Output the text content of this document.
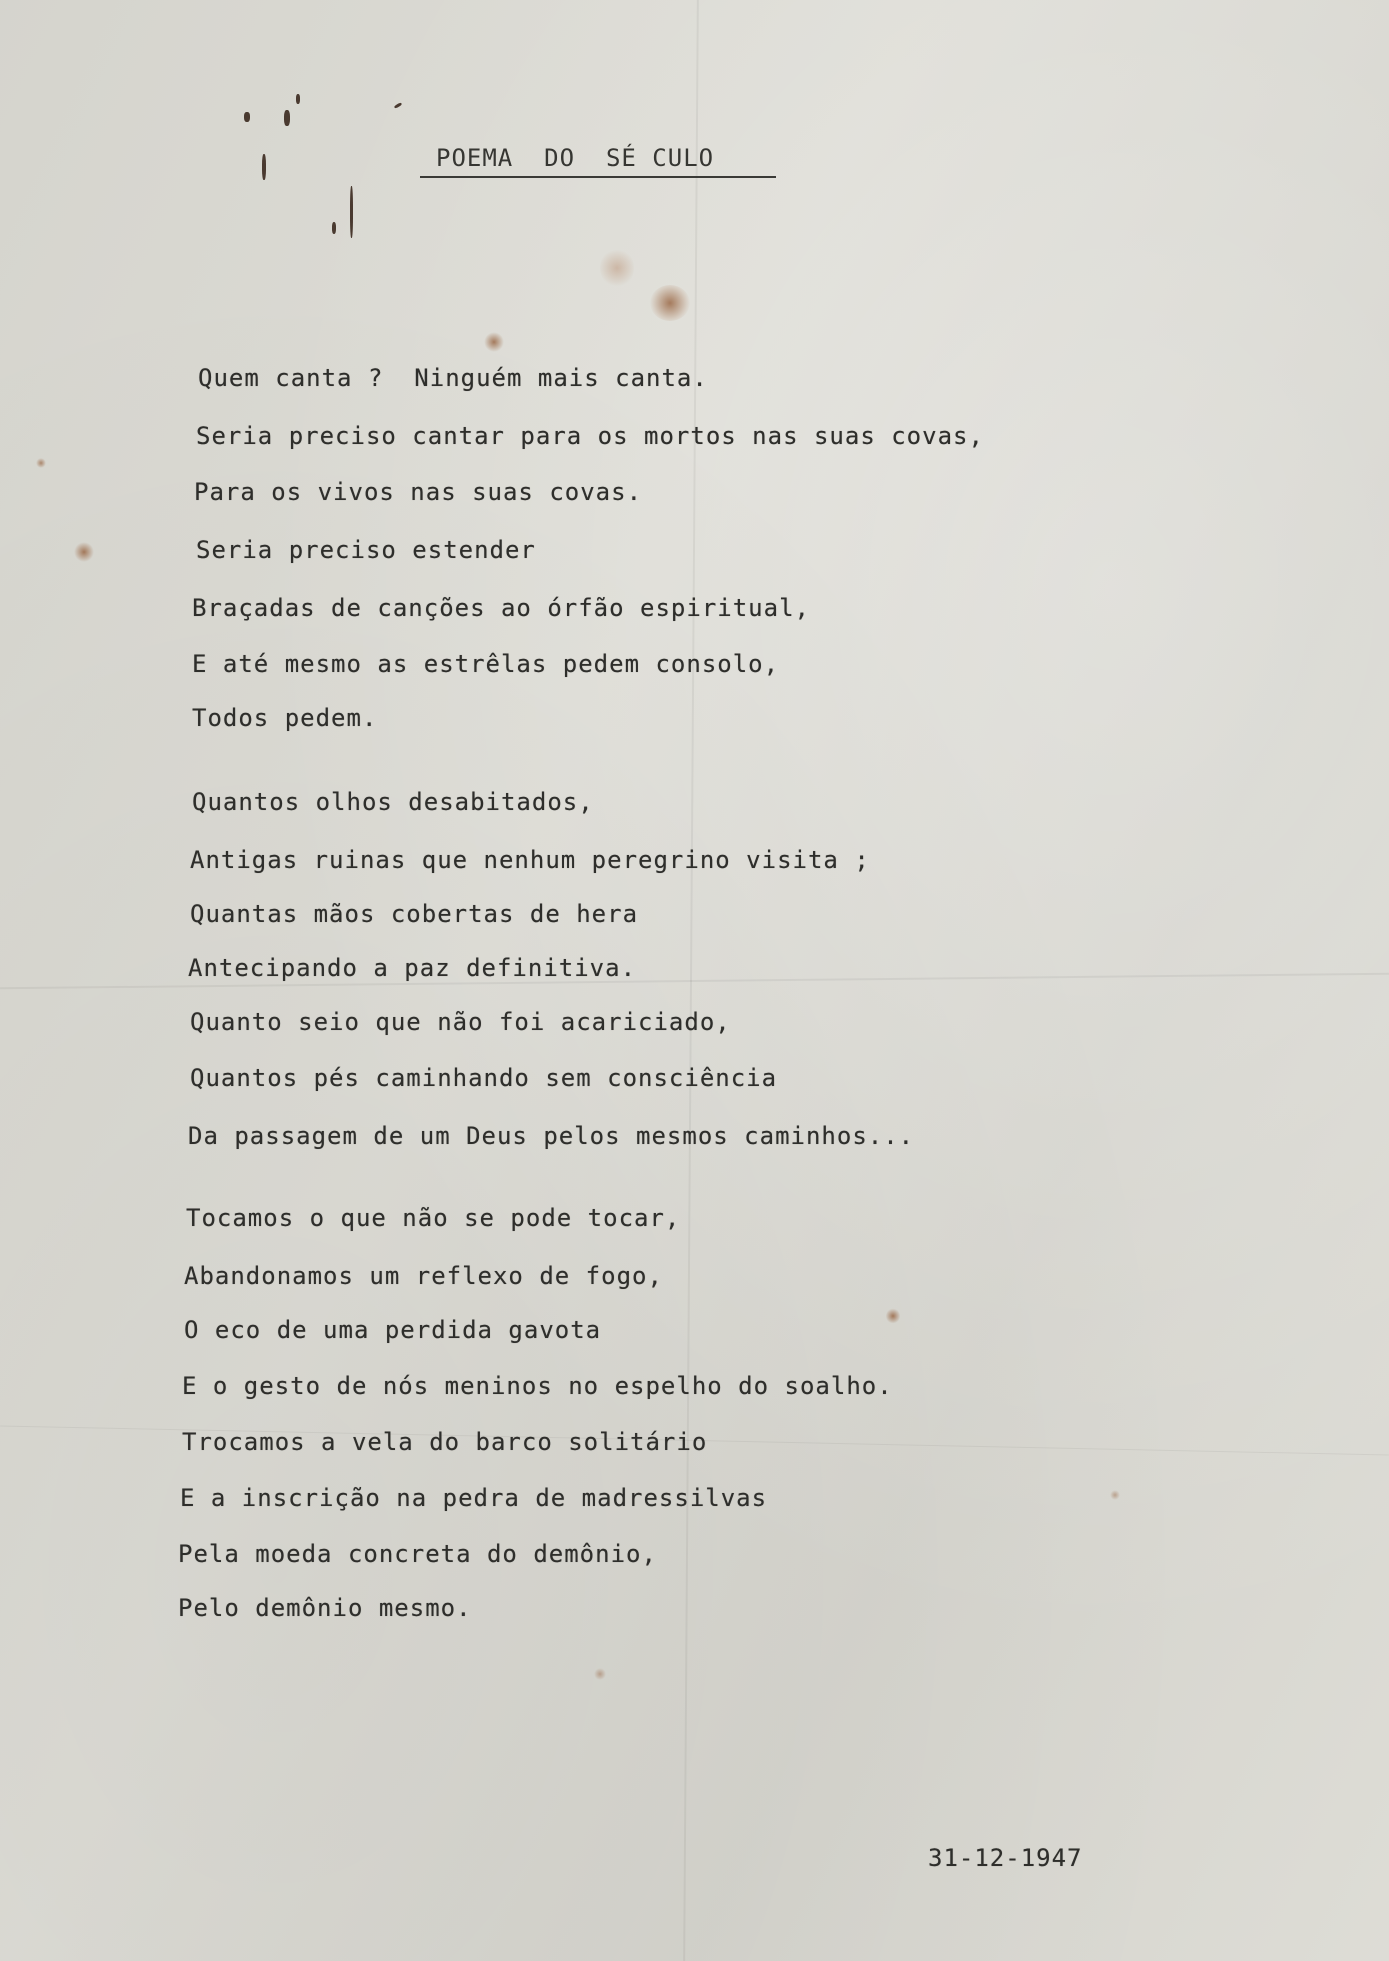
POEMA  DO  SÉ CULO
Quem canta ?  Ninguém mais canta.
Seria preciso cantar para os mortos nas suas covas,
Para os vivos nas suas covas.
Seria preciso estender
Braçadas de canções ao órfão espiritual,
E até mesmo as estrêlas pedem consolo,
Todos pedem.
Quantos olhos desabitados,
Antigas ruinas que nenhum peregrino visita ;
Quantas mãos cobertas de hera
Antecipando a paz definitiva.
Quanto seio que não foi acariciado,
Quantos pés caminhando sem consciência
Da passagem de um Deus pelos mesmos caminhos...
Tocamos o que não se pode tocar,
Abandonamos um reflexo de fogo,
O eco de uma perdida gavota
E o gesto de nós meninos no espelho do soalho.
Trocamos a vela do barco solitário
E a inscrição na pedra de madressilvas
Pela moeda concreta do demônio,
Pelo demônio mesmo.
31-12-1947
